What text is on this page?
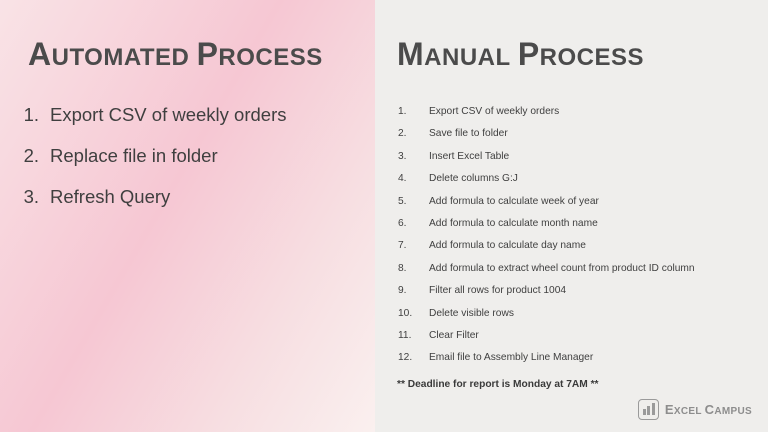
AUTOMATED PROCESS
1. Export CSV of weekly orders
2. Replace file in folder
3. Refresh Query
MANUAL PROCESS
1.	Export CSV of weekly orders
2.	Save file to folder
3.	Insert Excel Table
4.	Delete columns G:J
5.	Add formula to calculate week of year
6.	Add formula to calculate month name
7.	Add formula to calculate day name
8.	Add formula to extract wheel count from product ID column
9.	Filter all rows for product 1004
10.	Delete visible rows
11.	Clear Filter
12.	Email file to Assembly Line Manager
** Deadline for report is Monday at 7AM **
EXCEL CAMPUS
